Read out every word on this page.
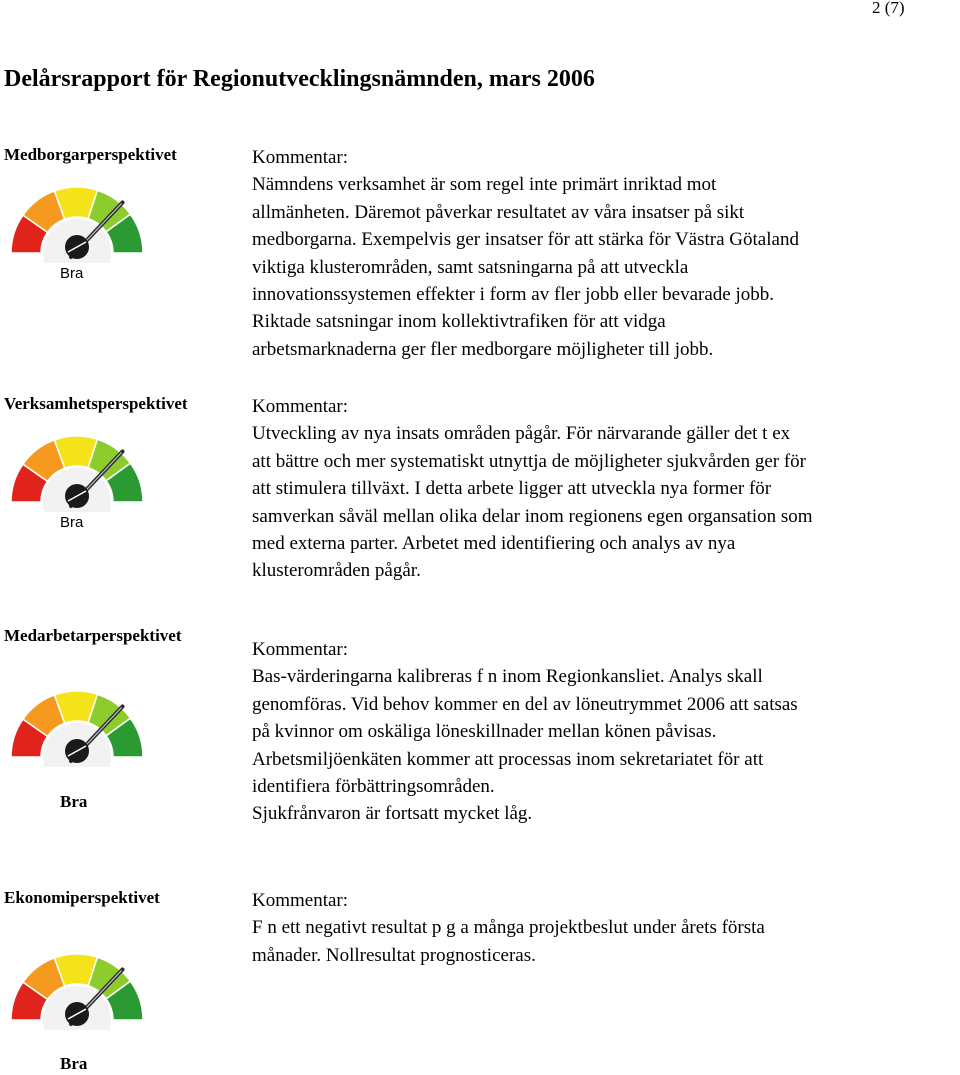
2 (7)
Delårsrapport för Regionutvecklingsnämnden, mars 2006
Medborgarperspektivet
Bra
Kommentar:
Nämndens verksamhet är som regel inte primärt inriktad mot
allmänheten. Däremot påverkar resultatet av våra insatser på sikt
medborgarna. Exempelvis ger insatser för att stärka för Västra Götaland
viktiga klusterområden, samt satsningarna på att utveckla
innovationssystemen effekter i form av fler jobb eller bevarade jobb.
Riktade satsningar inom kollektivtrafiken för att vidga
arbetsmarknaderna ger fler medborgare möjligheter till jobb.
Verksamhetsperspektivet
Bra
Kommentar:
Utveckling av nya insats områden pågår. För närvarande gäller det t ex
att bättre och mer systematiskt utnyttja de möjligheter sjukvården ger för
att stimulera tillväxt. I detta arbete ligger att utveckla nya former för
samverkan såväl mellan olika delar inom regionens egen organsation som
med externa parter. Arbetet med identifiering och analys av nya
klusterområden pågår.
Medarbetarperspektivet
Bra
Kommentar:
Bas-värderingarna kalibreras f n inom Regionkansliet. Analys skall
genomföras. Vid behov kommer en del av löneutrymmet 2006 att satsas
på kvinnor om oskäliga löneskillnader mellan könen påvisas.
Arbetsmiljöenkäten kommer att processas inom sekretariatet för att
identifiera förbättringsområden.
Sjukfrånvaron är fortsatt mycket låg.
Ekonomiperspektivet
Bra
Kommentar:
F n ett negativt resultat p g a många projektbeslut under årets första
månader. Nollresultat prognosticeras.
